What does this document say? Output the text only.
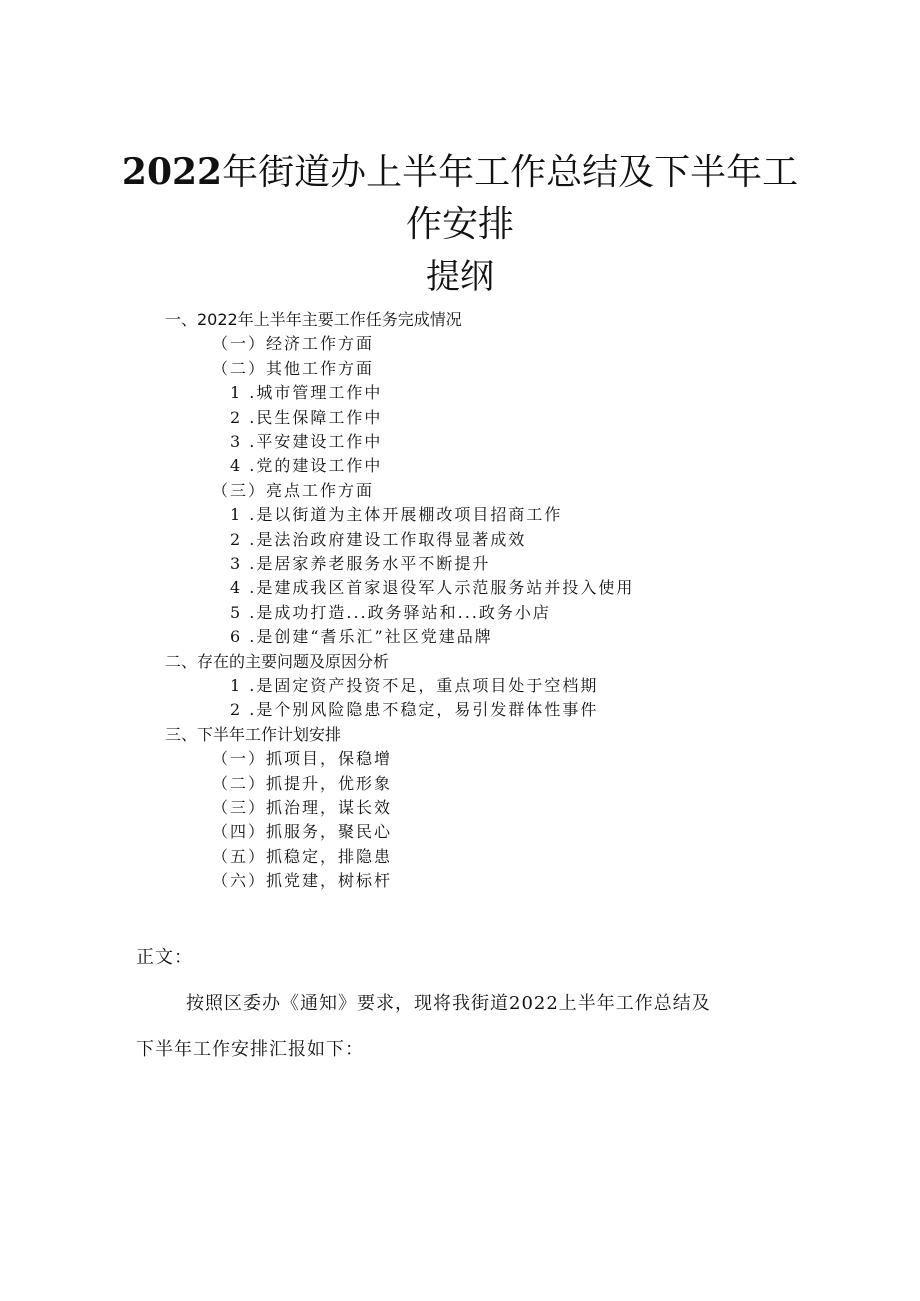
2022年街道办上半年工作总结及下半年工
作安排
提纲
一、2022年上半年主要工作任务完成情况
（一）经济工作方面
（二）其他工作方面
1 .城市管理工作中
2 .民生保障工作中
3 .平安建设工作中
4 .党的建设工作中
（三）亮点工作方面
1 .是以街道为主体开展棚改项目招商工作
2 .是法治政府建设工作取得显著成效
3 .是居家养老服务水平不断提升
4 .是建成我区首家退役军人示范服务站并投入使用
5 .是成功打造...政务驿站和...政务小店
6 .是创建“耆乐汇”社区党建品牌
二、存在的主要问题及原因分析
1 .是固定资产投资不足，重点项目处于空档期
2 .是个别风险隐患不稳定，易引发群体性事件
三、下半年工作计划安排
（一）抓项目，保稳增
（二）抓提升，优形象
（三）抓治理，谋长效
（四）抓服务，聚民心
（五）抓稳定，排隐患
（六）抓党建，树标杆
正文：
按照区委办《通知》要求，现将我街道2022上半年工作总结及
下半年工作安排汇报如下：
